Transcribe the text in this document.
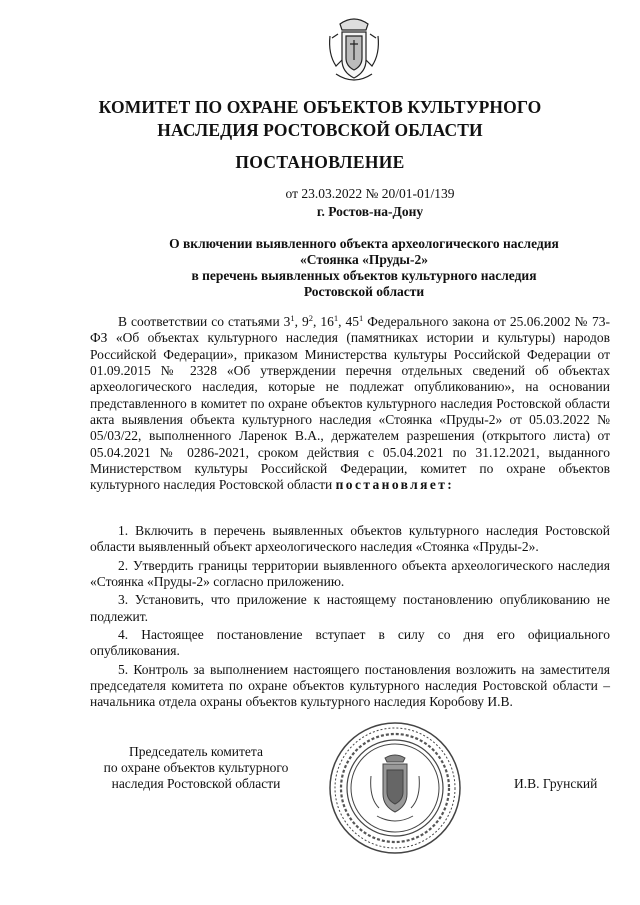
КОМИТЕТ ПО ОХРАНЕ ОБЪЕКТОВ КУЛЬТУРНОГО
НАСЛЕДИЯ РОСТОВСКОЙ ОБЛАСТИ
ПОСТАНОВЛЕНИЕ
от 23.03.2022 № 20/01-01/139
г. Ростов-на-Дону
О включении выявленного объекта археологического наследия
«Стоянка «Пруды-2»
в перечень выявленных объектов культурного наследия
Ростовской области
В соответствии со статьями $3^1$, $9^2$, $16^1$, $45^1$ Федерального закона от 25.06.2002 № 73-ФЗ «Об объектах культурного наследия (памятниках истории и культуры) народов Российской Федерации», приказом Министерства культуры Российской Федерации от 01.09.2015 № 2328 «Об утверждении перечня отдельных сведений об объектах археологического наследия, которые не подлежат опубликованию», на основании представленного в комитет по охране объектов культурного наследия Ростовской области акта выявления объекта культурного наследия «Стоянка «Пруды-2» от 05.03.2022 № 05/03/22, выполненного Ларенок В.А., держателем разрешения (открытого листа) от 05.04.2021 № 0286-2021, сроком действия с 05.04.2021 по 31.12.2021, выданного Министерством культуры Российской Федерации, комитет по охране объектов культурного наследия Ростовской области постановляет:

1. Включить в перечень выявленных объектов культурного наследия Ростовской области выявленный объект археологического наследия «Стоянка «Пруды-2».

2. Утвердить границы территории выявленного объекта археологического наследия «Стоянка «Пруды-2» согласно приложению.

3. Установить, что приложение к настоящему постановлению опубликованию не подлежит.

4. Настоящее постановление вступает в силу со дня его официального опубликования.

5. Контроль за выполнением настоящего постановления возложить на заместителя председателя комитета по охране объектов культурного наследия Ростовской области – начальника отдела охраны объектов культурного наследия Коробову И.В.

Председатель комитета
по охране объектов культурного
наследия Ростовской области	И.В. Грунский
